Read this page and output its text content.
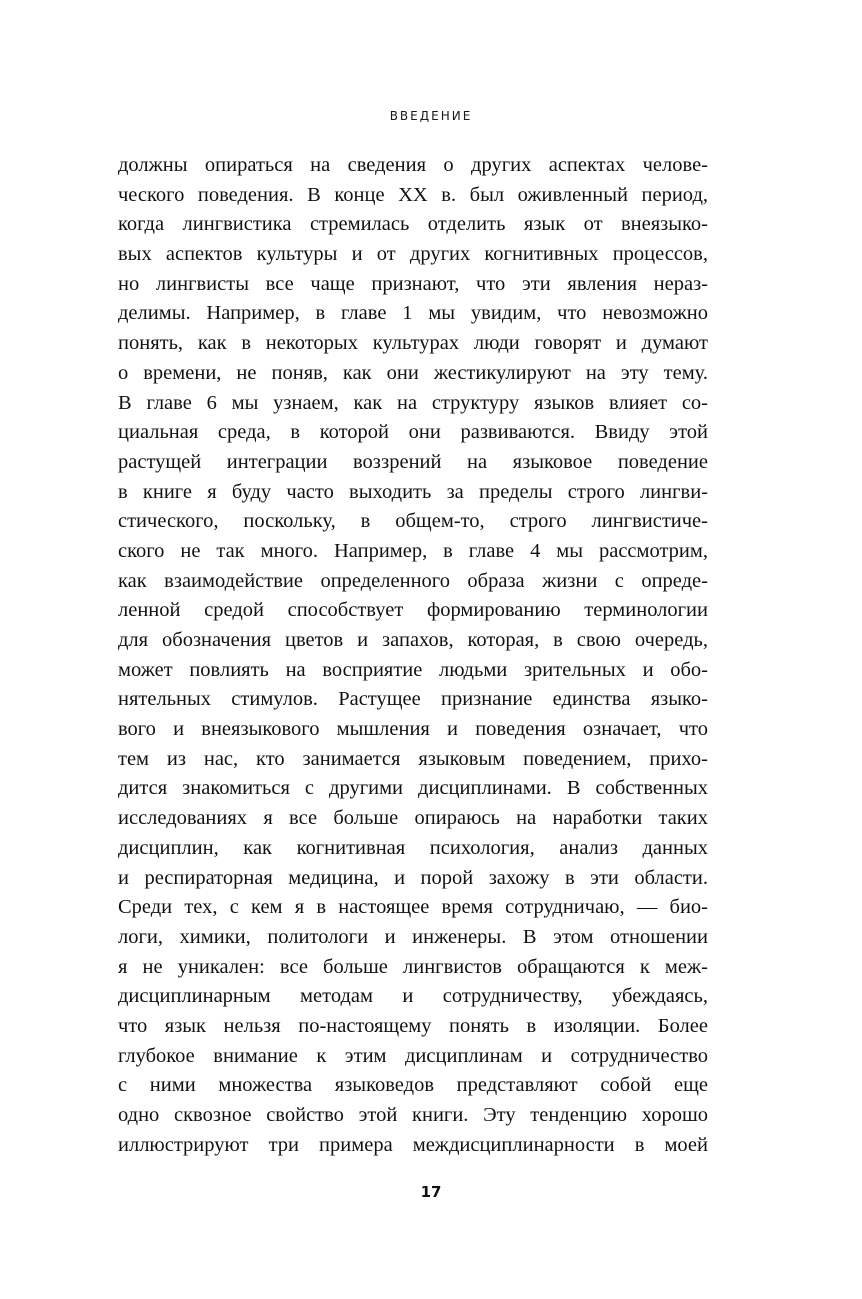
ВВЕДЕНИЕ
должны опираться на сведения о других аспектах челове-
ческого поведения. В конце XX в. был оживленный период,
когда лингвистика стремилась отделить язык от внеязыко-
вых аспектов культуры и от других когнитивных процессов,
но лингвисты все чаще признают, что эти явления нераз-
делимы. Например, в главе 1 мы увидим, что невозможно
понять, как в некоторых культурах люди говорят и думают
о времени, не поняв, как они жестикулируют на эту тему.
В главе 6 мы узнаем, как на структуру языков влияет со-
циальная среда, в которой они развиваются. Ввиду этой
растущей интеграции воззрений на языковое поведение
в книге я буду часто выходить за пределы строго лингви-
стического, поскольку, в общем-то, строго лингвистиче-
ского не так много. Например, в главе 4 мы рассмотрим,
как взаимодействие определенного образа жизни с опреде-
ленной средой способствует формированию терминологии
для обозначения цветов и запахов, которая, в свою очередь,
может повлиять на восприятие людьми зрительных и обо-
нятельных стимулов. Растущее признание единства языко-
вого и внеязыкового мышления и поведения означает, что
тем из нас, кто занимается языковым поведением, прихо-
дится знакомиться с другими дисциплинами. В собственных
исследованиях я все больше опираюсь на наработки таких
дисциплин, как когнитивная психология, анализ данных
и респираторная медицина, и порой захожу в эти области.
Среди тех, с кем я в настоящее время сотрудничаю, — био-
логи, химики, политологи и инженеры. В этом отношении
я не уникален: все больше лингвистов обращаются к меж-
дисциплинарным методам и сотрудничеству, убеждаясь,
что язык нельзя по-настоящему понять в изоляции. Более
глубокое внимание к этим дисциплинам и сотрудничество
с ними множества языковедов представляют собой еще
одно сквозное свойство этой книги. Эту тенденцию хорошо
иллюстрируют три примера междисциплинарности в моей
17
